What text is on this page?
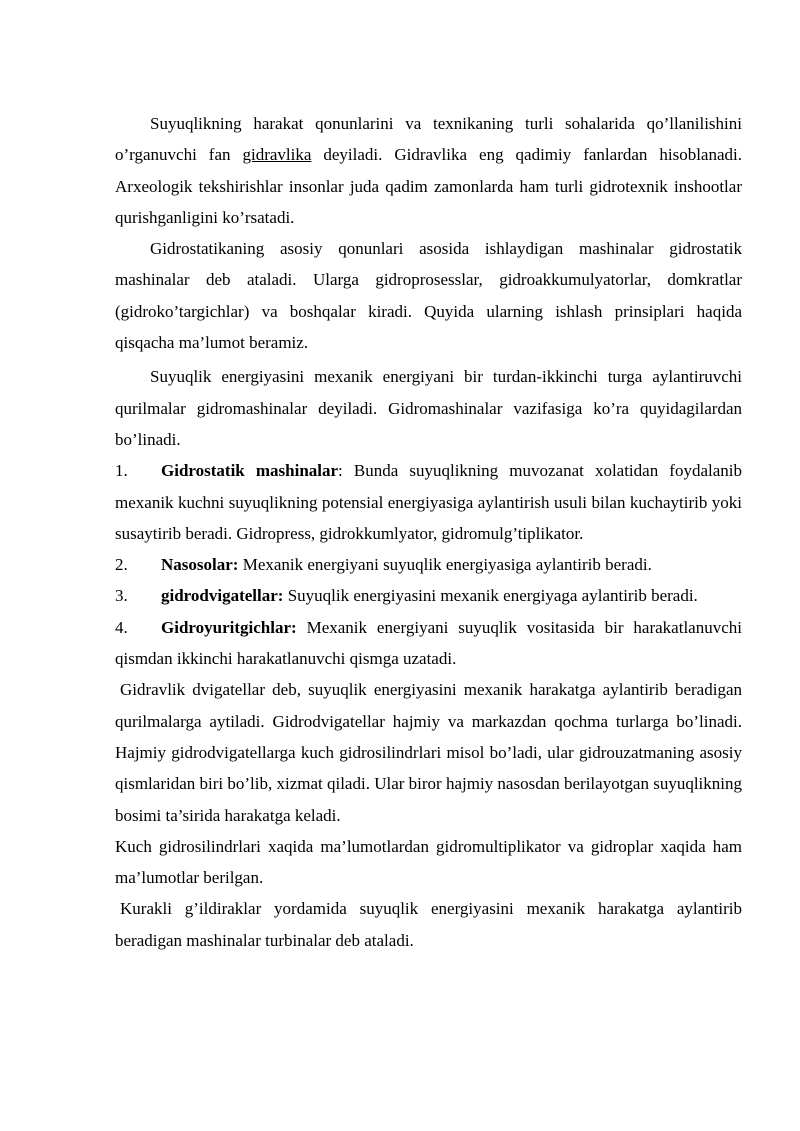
Suyuqlikning harakat qonunlarini va texnikaning turli sohalarida qo’llanilishini o’rganuvchi fan gidravlika deyiladi. Gidravlika eng qadimiy fanlardan hisoblanadi. Arxeologik tekshirishlar insonlar juda qadim zamonlarda ham turli gidrotexnik inshootlar qurishganligini ko’rsatadi.

Gidrostatikaning asosiy qonunlari asosida ishlaydigan mashinalar gidrostatik mashinalar deb ataladi. Ularga gidroprosesslar, gidroakkumulyatorlar, domkratlar (gidroko’targichlar) va boshqalar kiradi. Quyida ularning ishlash prinsiplari haqida qisqacha ma’lumot beramiz.

Suyuqlik energiyasini mexanik energiyani bir turdan-ikkinchi turga aylantiruvchi qurilmalar gidromashinalar deyiladi. Gidromashinalar vazifasiga ko’ra quyidagilardan bo’linadi.

1. Gidrostatik mashinalar: Bunda suyuqlikning muvozanat xolatidan foydalanib mexanik kuchni suyuqlikning potensial energiyasiga aylantirish usuli bilan kuchaytirib yoki susaytirib beradi. Gidropress, gidrokkumlyator, gidromulg’tiplikator.

2. Nasosolar: Mexanik energiyani suyuqlik energiyasiga aylantirib beradi.

3. gidrodvigatellar: Suyuqlik energiyasini mexanik energiyaga aylantirib beradi.

4. Gidroyuritgichlar: Mexanik energiyani suyuqlik vositasida bir harakatlanuvchi qismdan ikkinchi harakatlanuvchi qismga uzatadi.

Gidravlik dvigatellar deb, suyuqlik energiyasini mexanik harakatga aylantirib beradigan qurilmalarga aytiladi. Gidrodvigatellar hajmiy va markazdan qochma turlarga bo’linadi. Hajmiy gidrodvigatellarga kuch gidrosilindrlari misol bo’ladi, ular gidrouzatmaning asosiy qismlaridan biri bo’lib, xizmat qiladi. Ular biror hajmiy nasosdan berilayotgan suyuqlikning bosimi ta’sirida harakatga keladi.

Kuch gidrosilindrlari xaqida ma’lumotlardan gidromultiplikator va gidroplar xaqida ham ma’lumotlar berilgan.

Kurakli g’ildiraklar yordamida suyuqlik energiyasini mexanik harakatga aylantirib beradigan mashinalar turbinalar deb ataladi.
